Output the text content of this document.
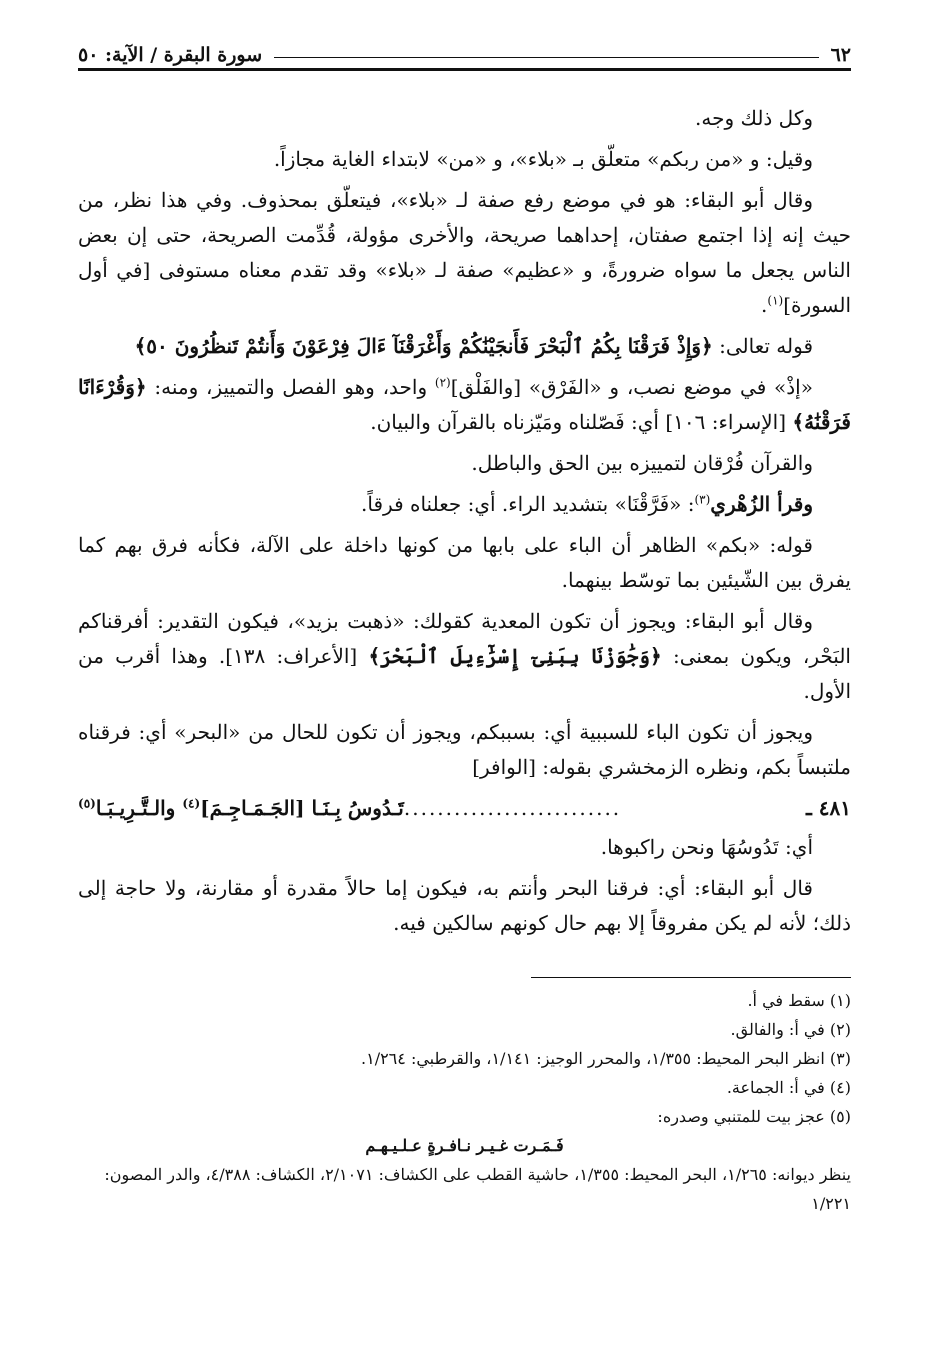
٦٢
سورة البقرة / الآية: ٥٠

وكل ذلك وجه.

وقيل: و «من ربكم» متعلّق بـ «بلاء»، و «من» لابتداء الغاية مجازاً.

وقال أبو البقاء: هو في موضع رفع صفة لـ «بلاء»، فيتعلّق بمحذوف. وفي هذا نظر، من حيث إنه إذا اجتمع صفتان، إحداهما صريحة، والأخرى مؤولة، قُدِّمت الصريحة، حتى إن بعض الناس يجعل ما سواه ضرورةً، و «عظيم» صفة لـ «بلاء» وقد تقدم معناه مستوفى [في أول السورة]$^{(١)}$.

قوله تعالى: ﴿وَإِذْ فَرَقْنَا بِكُمُ ٱلْبَحْرَ فَأَنجَيْنَٰكُمْ وَأَغْرَقْنَآ ءَالَ فِرْعَوْنَ وَأَنتُمْ تَنظُرُونَ ٥٠﴾

«إذْ» في موضع نصب، و «الفَرْق» [والفَلْق]$^{(٢)}$ واحد، وهو الفصل والتمييز، ومنه: ﴿وَقُرْءَانًا فَرَقْنَٰهُ﴾ [الإسراء: ١٠٦] أي: فَصّلناه ومَيّزناه بالقرآن والبيان.

والقرآن فُرْقان لتمييزه بين الحق والباطل.

وقرأ الزُهْري$^{(٣)}$: «فَرَّقْنَا» بتشديد الراء. أي: جعلناه فرقاً.

قوله: «بكم» الظاهر أن الباء على بابها من كونها داخلة على الآلة، فكأنه فرق بهم كما يفرق بين الشّيئين بما توسّط بينهما.

وقال أبو البقاء: ويجوز أن تكون المعدية كقولك: «ذهبت بزيد»، فيكون التقدير: أفرقناكم البَحْر، ويكون بمعنى: ﴿وَجَٰوَزْنَا بِبَنِىٓ إِسْرَٰٓءِيلَ ٱلْبَحْرَ﴾ [الأعراف: ١٣٨]. وهذا أقرب من الأول.

ويجوز أن تكون الباء للسببية أي: بسببكم، ويجوز أن تكون للحال من «البحر» أي: فرقناه ملتبساً بكم، ونظره الزمخشري بقوله: [الوافر]

٤٨١ ـ
..........................
تَـدُوسُ بِـنَـا [الجَـمَـاجِـمَ]$^{(٤)}$ والـتَّـرِيـبَـا$^{(٥)}$

أي: تَدُوسُهَا ونحن راكبوها.

قال أبو البقاء: أي: فرقنا البحر وأنتم به، فيكون إما حالاً مقدرة أو مقارنة، ولا حاجة إلى ذلك؛ لأنه لم يكن مفروقاً إلا بهم حال كونهم سالكين فيه.

(١) سقط في أ.
(٢) في أ: والفالق.
(٣) انظر البحر المحيط: ١/٣٥٥، والمحرر الوجيز: ١/١٤١، والقرطبي: ١/٢٦٤.
(٤) في أ: الجماعة.
(٥) عجز بيت للمتنبي وصدره:
فَـمَـرت غـيـر نـافـرةٍ عـلـيـهـم
ينظر ديوانه: ١/٢٦٥، البحر المحيط: ١/٣٥٥، حاشية القطب على الكشاف: ٢/١٠٧١، الكشاف: ٤/٣٨٨، والدر المصون: ١/٢٢١
